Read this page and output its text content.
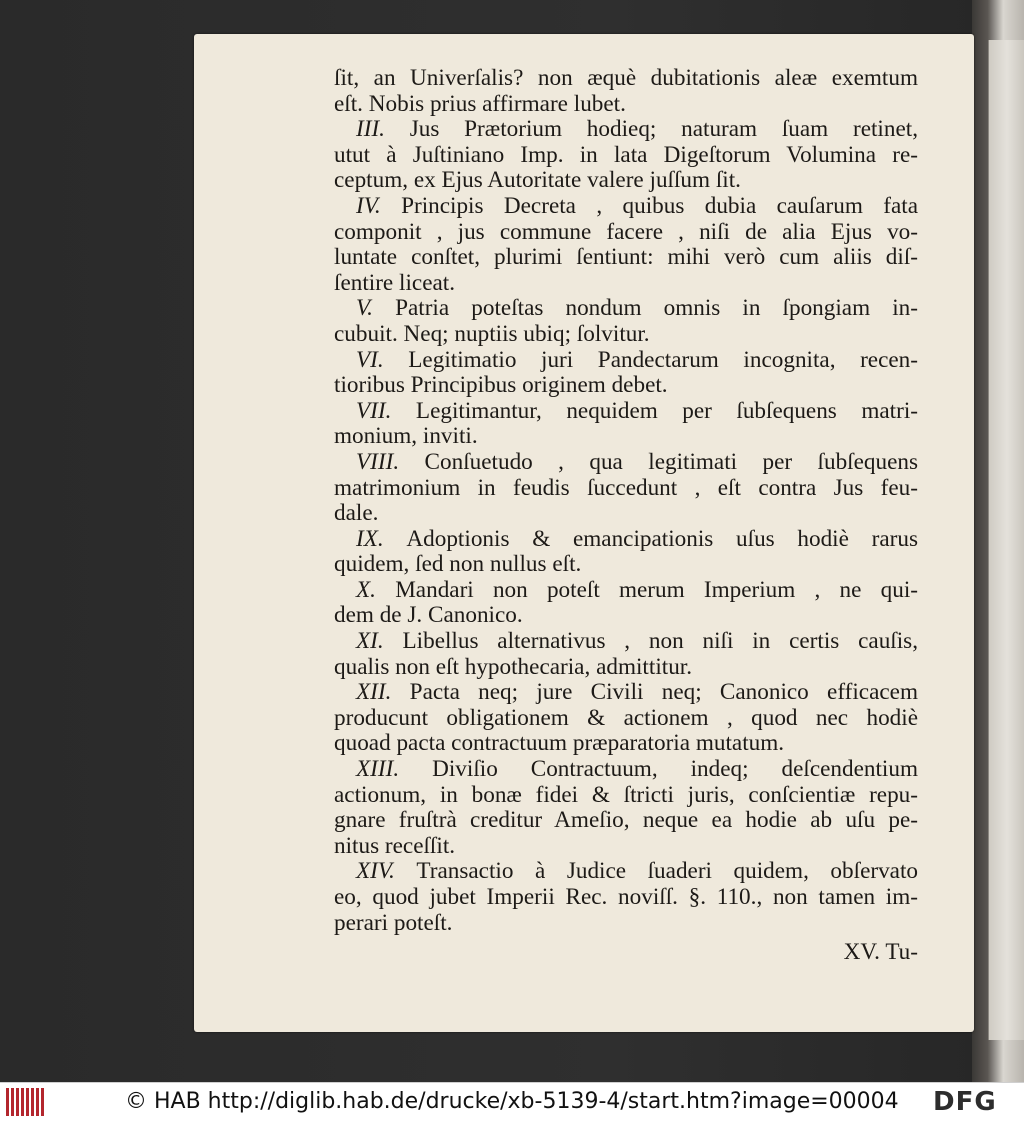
ſit, an Univerſalis? non æquè dubitationis aleæ exemtum
eſt. Nobis prius affirmare lubet.
III. Jus Prætorium hodieq; naturam ſuam retinet,
utut à Juſtiniano Imp. in lata Digeſtorum Volumina re-
ceptum, ex Ejus Autoritate valere juſſum ſit.
IV. Principis Decreta , quibus dubia cauſarum fata
componit , jus commune facere , niſi de alia Ejus vo-
luntate conſtet, plurimi ſentiunt: mihi verò cum aliis diſ-
ſentire liceat.
V. Patria poteſtas nondum omnis in ſpongiam in-
cubuit. Neq; nuptiis ubiq; ſolvitur.
VI. Legitimatio juri Pandectarum incognita, recen-
tioribus Principibus originem debet.
VII. Legitimantur, nequidem per ſubſequens matri-
monium, inviti.
VIII. Conſuetudo , qua legitimati per ſubſequens
matrimonium in feudis ſuccedunt , eſt contra Jus feu-
dale.
IX. Adoptionis & emancipationis uſus hodiè rarus
quidem, ſed non nullus eſt.
X. Mandari non poteſt merum Imperium , ne qui-
dem de J. Canonico.
XI. Libellus alternativus , non niſi in certis cauſis,
qualis non eſt hypothecaria, admittitur.
XII. Pacta neq; jure Civili neq; Canonico efficacem
producunt obligationem & actionem , quod nec hodiè
quoad pacta contractuum præparatoria mutatum.
XIII. Diviſio Contractuum, indeq; deſcendentium
actionum, in bonæ fidei & ſtricti juris, conſcientiæ repu-
gnare fruſtrà creditur Ameſio, neque ea hodie ab uſu pe-
nitus receſſit.
XIV. Transactio à Judice ſuaderi quidem, obſervato
eo, quod jubet Imperii Rec. noviſſ. §. 110., non tamen im-
perari poteſt.
XV. Tu-
© HAB http://diglib.hab.de/drucke/xb-5139-4/start.htm?image=00004 DFG
